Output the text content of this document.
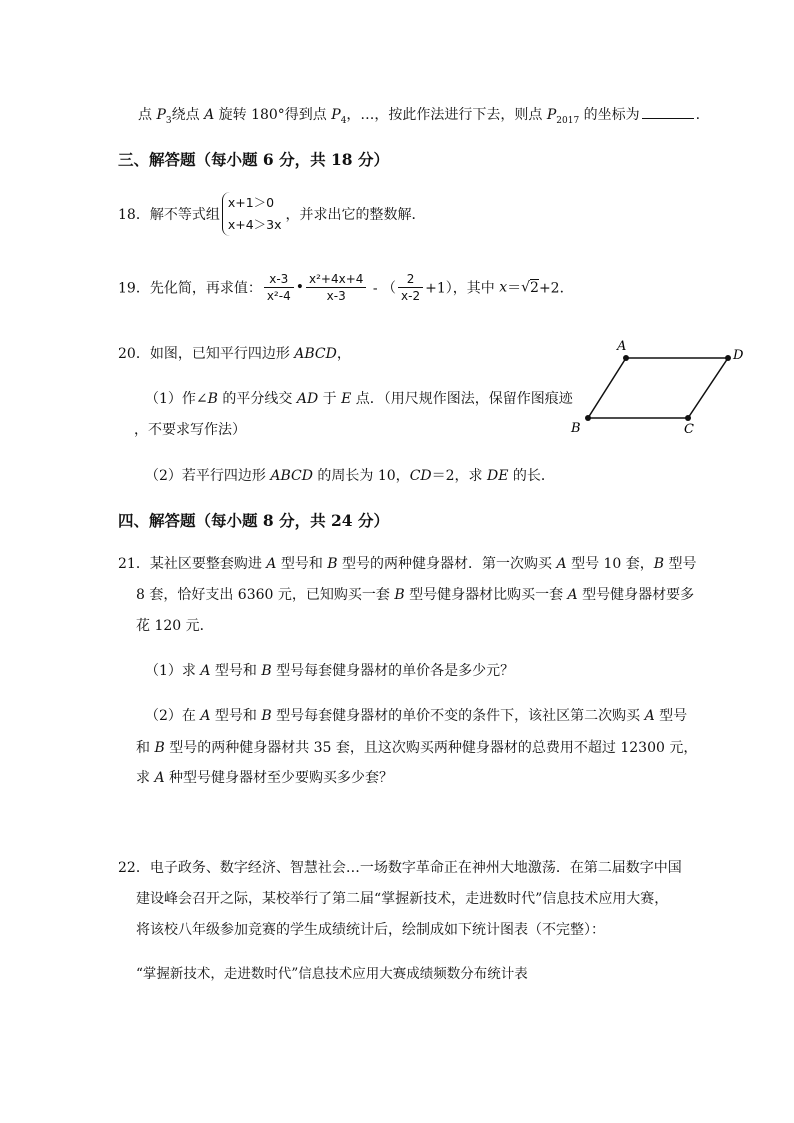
点 $P_3$绕点 A 旋转 180°得到点 $P_4$，…，按此作法进行下去，则点 $P_{2017}$ 的坐标为	.
三、解答题（每小题 6 分，共 18 分）
18．解不等式组
x+1＞0
x+4＞3x
，并求出它的整数解．
19．先化简，再求值： $\frac{x-3}{\text{x²-4}}$ • $\frac{\text{x²+4x+4}}{x-3}$ - （ $\frac{2}{x-2} +1$），其中 x＝√2+2．
20．如图，已知平行四边形 ABCD，
（1）作∠B 的平分线交 AD 于 E 点．（用尺规作图法，保留作图痕迹
，不要求写作法）
（2）若平行四边形 ABCD 的周长为 10，CD＝2，求 DE 的长．
A
D
B	C
四、解答题（每小题 8 分，共 24 分）
21．某社区要整套购进 A 型号和 B 型号的两种健身器材．第一次购买 A 型号 10 套，B 型号
8 套，恰好支出 6360 元，已知购买一套 B 型号健身器材比购买一套 A 型号健身器材要多
花 120 元．
（1）求 A 型号和 B 型号每套健身器材的单价各是多少元？
（2）在 A 型号和 B 型号每套健身器材的单价不变的条件下，该社区第二次购买 A 型号
和 B 型号的两种健身器材共 35 套，且这次购买两种健身器材的总费用不超过 12300 元，
求 A 种型号健身器材至少要购买多少套？
22．电子政务、数字经济、智慧社会…一场数字革命正在神州大地激荡．在第二届数字中国
建设峰会召开之际，某校举行了第二届“掌握新技术，走进数时代”信息技术应用大赛，
将该校八年级参加竞赛的学生成绩统计后，绘制成如下统计图表（不完整）：
“掌握新技术，走进数时代”信息技术应用大赛成绩频数分布统计表
